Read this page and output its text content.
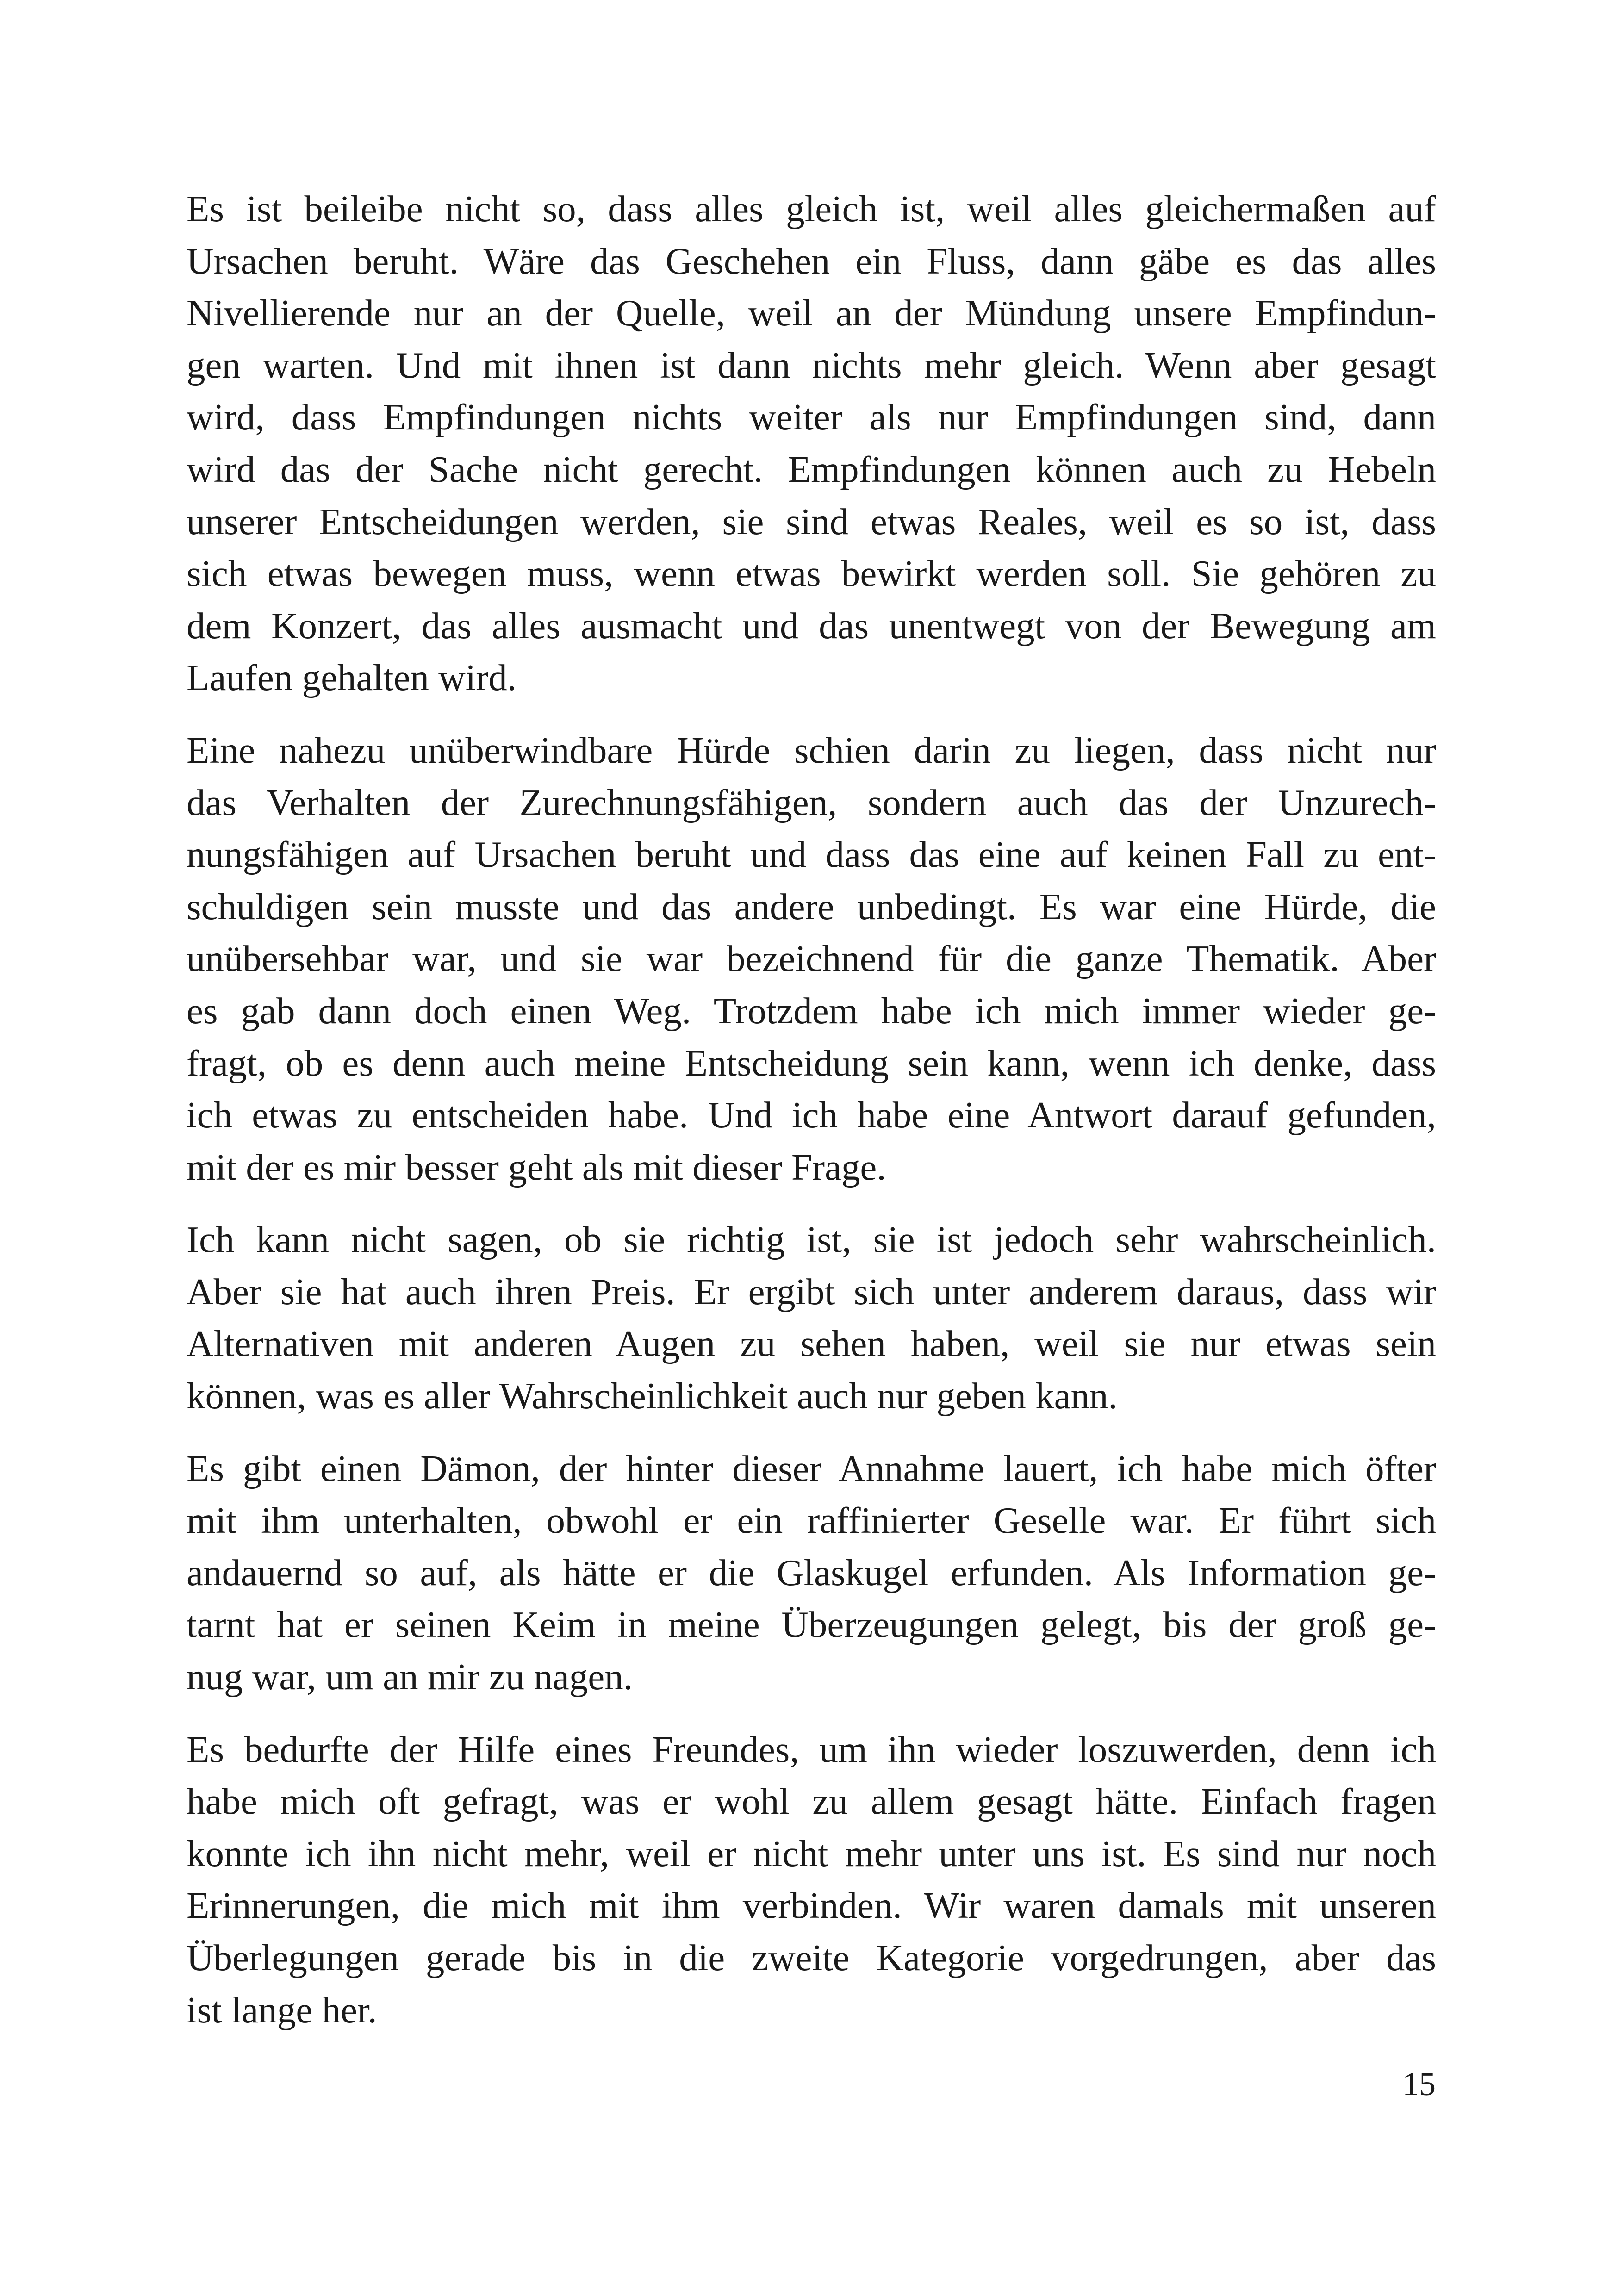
Es ist beileibe nicht so, dass alles gleich ist, weil alles gleichermaßen auf
Ursachen beruht. Wäre das Geschehen ein Fluss, dann gäbe es das alles
Nivellierende nur an der Quelle, weil an der Mündung unsere Empfindun-
gen warten. Und mit ihnen ist dann nichts mehr gleich. Wenn aber gesagt
wird, dass Empfindungen nichts weiter als nur Empfindungen sind, dann
wird das der Sache nicht gerecht. Empfindungen können auch zu Hebeln
unserer Entscheidungen werden, sie sind etwas Reales, weil es so ist, dass
sich etwas bewegen muss, wenn etwas bewirkt werden soll. Sie gehören zu
dem Konzert, das alles ausmacht und das unentwegt von der Bewegung am
Laufen gehalten wird.

Eine nahezu unüberwindbare Hürde schien darin zu liegen, dass nicht nur
das Verhalten der Zurechnungsfähigen, sondern auch das der Unzurech-
nungsfähigen auf Ursachen beruht und dass das eine auf keinen Fall zu ent-
schuldigen sein musste und das andere unbedingt. Es war eine Hürde, die
unübersehbar war, und sie war bezeichnend für die ganze Thematik. Aber
es gab dann doch einen Weg. Trotzdem habe ich mich immer wieder ge-
fragt, ob es denn auch meine Entscheidung sein kann, wenn ich denke, dass
ich etwas zu entscheiden habe. Und ich habe eine Antwort darauf gefunden,
mit der es mir besser geht als mit dieser Frage.

Ich kann nicht sagen, ob sie richtig ist, sie ist jedoch sehr wahrscheinlich.
Aber sie hat auch ihren Preis. Er ergibt sich unter anderem daraus, dass wir
Alternativen mit anderen Augen zu sehen haben, weil sie nur etwas sein
können, was es aller Wahrscheinlichkeit auch nur geben kann.

Es gibt einen Dämon, der hinter dieser Annahme lauert, ich habe mich öfter
mit ihm unterhalten, obwohl er ein raffinierter Geselle war. Er führt sich
andauernd so auf, als hätte er die Glaskugel erfunden. Als Information ge-
tarnt hat er seinen Keim in meine Überzeugungen gelegt, bis der groß ge-
nug war, um an mir zu nagen.

Es bedurfte der Hilfe eines Freundes, um ihn wieder loszuwerden, denn ich
habe mich oft gefragt, was er wohl zu allem gesagt hätte. Einfach fragen
konnte ich ihn nicht mehr, weil er nicht mehr unter uns ist. Es sind nur noch
Erinnerungen, die mich mit ihm verbinden. Wir waren damals mit unseren
Überlegungen gerade bis in die zweite Kategorie vorgedrungen, aber das
ist lange her.

15
